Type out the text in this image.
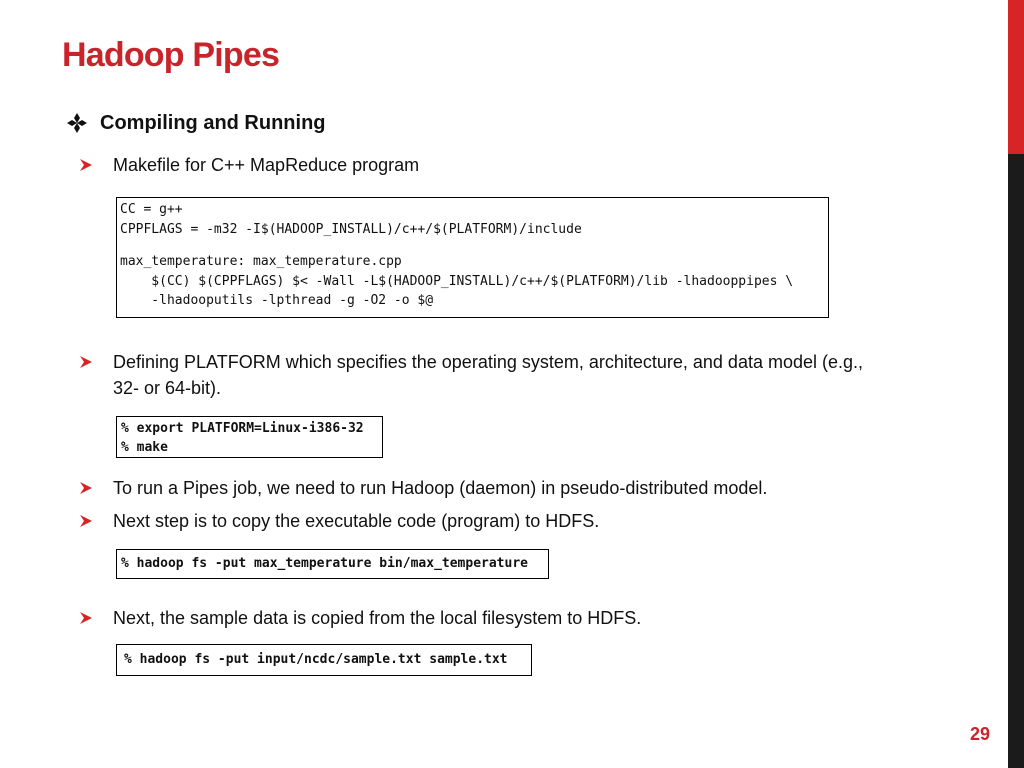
Hadoop Pipes
Compiling and Running
Makefile for C++ MapReduce program
CC = g++
CPPFLAGS = -m32 -I$(HADOOP_INSTALL)/c++/$(PLATFORM)/include
max_temperature: max_temperature.cpp
$(CC) $(CPPFLAGS) $< -Wall -L$(HADOOP_INSTALL)/c++/$(PLATFORM)/lib -lhadooppipes \
-lhadooputils -lpthread -g -O2 -o $@
Defining PLATFORM which specifies the operating system, architecture, and data model (e.g., 32- or 64-bit).
% export PLATFORM=Linux-i386-32
% make
To run a Pipes job, we need to run Hadoop (daemon) in pseudo-distributed model.
Next step is to copy the executable code (program) to HDFS.
% hadoop fs -put max_temperature bin/max_temperature
Next, the sample data is copied from the local filesystem to HDFS.
% hadoop fs -put input/ncdc/sample.txt sample.txt
29
